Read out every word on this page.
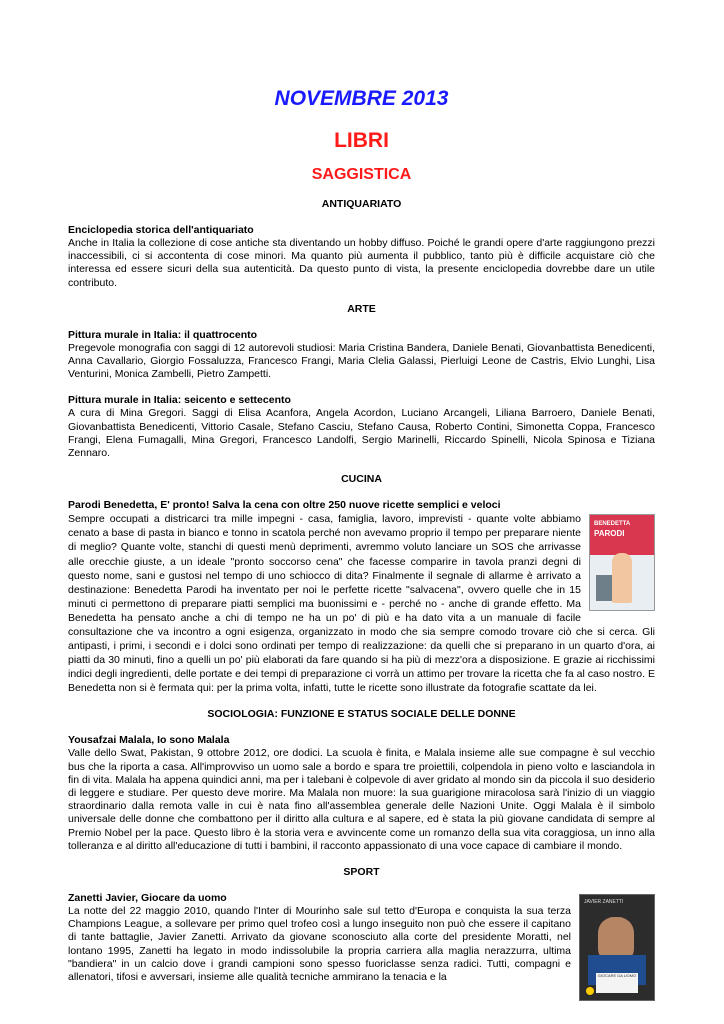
NOVEMBRE 2013
LIBRI
SAGGISTICA

ANTIQUARIATO

Enciclopedia storica dell'antiquariato

Anche in Italia la collezione di cose antiche sta diventando un hobby diffuso. Poiché le grandi opere d'arte raggiungono prezzi inaccessibili, ci si accontenta di cose minori. Ma quanto più aumenta il pubblico, tanto più è difficile acquistare ciò che interessa ed essere sicuri della sua autenticità. Da questo punto di vista, la presente enciclopedia dovrebbe dare un utile contributo.

ARTE

Pittura murale in Italia: il quattrocento

Pregevole monografia con saggi di 12 autorevoli studiosi: Maria Cristina Bandera, Daniele Benati, Giovanbattista Benedicenti, Anna Cavallario, Giorgio Fossaluzza, Francesco Frangi, Maria Clelia Galassi, Pierluigi Leone de Castris, Elvio Lunghi, Lisa Venturini, Monica Zambelli, Pietro Zampetti.

Pittura murale in Italia: seicento e settecento

A cura di Mina Gregori. Saggi di Elisa Acanfora, Angela Acordon, Luciano Arcangeli, Liliana Barroero, Daniele Benati, Giovanbattista Benedicenti, Vittorio Casale, Stefano Casciu, Stefano Causa, Roberto Contini, Simonetta Coppa, Francesco Frangi, Elena Fumagalli, Mina Gregori, Francesco Landolfi, Sergio Marinelli, Riccardo Spinelli, Nicola Spinosa e Tiziana Zennaro.

CUCINA

Parodi Benedetta, E' pronto! Salva la cena con oltre 250 nuove ricette semplici e veloci

BENEDETTA
PARODI

Sempre occupati a districarci tra mille impegni - casa, famiglia, lavoro, imprevisti - quante volte abbiamo cenato a base di pasta in bianco e tonno in scatola perché non avevamo proprio il tempo per preparare niente di meglio? Quante volte, stanchi di questi menù deprimenti, avremmo voluto lanciare un SOS che arrivasse alle orecchie giuste, a un ideale "pronto soccorso cena" che facesse comparire in tavola pranzi degni di questo nome, sani e gustosi nel tempo di uno schiocco di dita? Finalmente il segnale di allarme è arrivato a destinazione: Benedetta Parodi ha inventato per noi le perfette ricette "salvacena", ovvero quelle che in 15 minuti ci permettono di preparare piatti semplici ma buonissimi e - perché no - anche di grande effetto. Ma Benedetta ha pensato anche a chi di tempo ne ha un po' di più e ha dato vita a un manuale di facile consultazione che va incontro a ogni esigenza, organizzato in modo che sia sempre comodo trovare ciò che si cerca. Gli antipasti, i primi, i secondi e i dolci sono ordinati per tempo di realizzazione: da quelli che si preparano in un quarto d'ora, ai piatti da 30 minuti, fino a quelli un po' più elaborati da fare quando si ha più di mezz'ora a disposizione. E grazie ai ricchissimi indici degli ingredienti, delle portate e dei tempi di preparazione ci vorrà un attimo per trovare la ricetta che fa al caso nostro. E Benedetta non si è fermata qui: per la prima volta, infatti, tutte le ricette sono illustrate da fotografie scattate da lei.

SOCIOLOGIA: FUNZIONE E STATUS SOCIALE DELLE DONNE

Yousafzai Malala, Io sono Malala

Valle dello Swat, Pakistan, 9 ottobre 2012, ore dodici. La scuola è finita, e Malala insieme alle sue compagne è sul vecchio bus che la riporta a casa. All'improvviso un uomo sale a bordo e spara tre proiettili, colpendola in pieno volto e lasciandola in fin di vita. Malala ha appena quindici anni, ma per i talebani è colpevole di aver gridato al mondo sin da piccola il suo desiderio di leggere e studiare. Per questo deve morire. Ma Malala non muore: la sua guarigione miracolosa sarà l'inizio di un viaggio straordinario dalla remota valle in cui è nata fino all'assemblea generale delle Nazioni Unite. Oggi Malala è il simbolo universale delle donne che combattono per il diritto alla cultura e al sapere, ed è stata la più giovane candidata di sempre al Premio Nobel per la pace. Questo libro è la storia vera e avvincente come un romanzo della sua vita coraggiosa, un inno alla tolleranza e al diritto all'educazione di tutti i bambini, il racconto appassionato di una voce capace di cambiare il mondo.

SPORT

JAVIER ZANETTI
GIOCARE DA UOMO

Zanetti Javier, Giocare da uomo

La notte del 22 maggio 2010, quando l'Inter di Mourinho sale sul tetto d'Europa e conquista la sua terza Champions League, a sollevare per primo quel trofeo così a lungo inseguito non può che essere il capitano di tante battaglie, Javier Zanetti. Arrivato da giovane sconosciuto alla corte del presidente Moratti, nel lontano 1995, Zanetti ha legato in modo indissolubile la propria carriera alla maglia nerazzurra, ultima "bandiera" in un calcio dove i grandi campioni sono spesso fuoriclasse senza radici. Tutti, compagni e allenatori, tifosi e avversari, insieme alle qualità tecniche ammirano la tenacia e la
